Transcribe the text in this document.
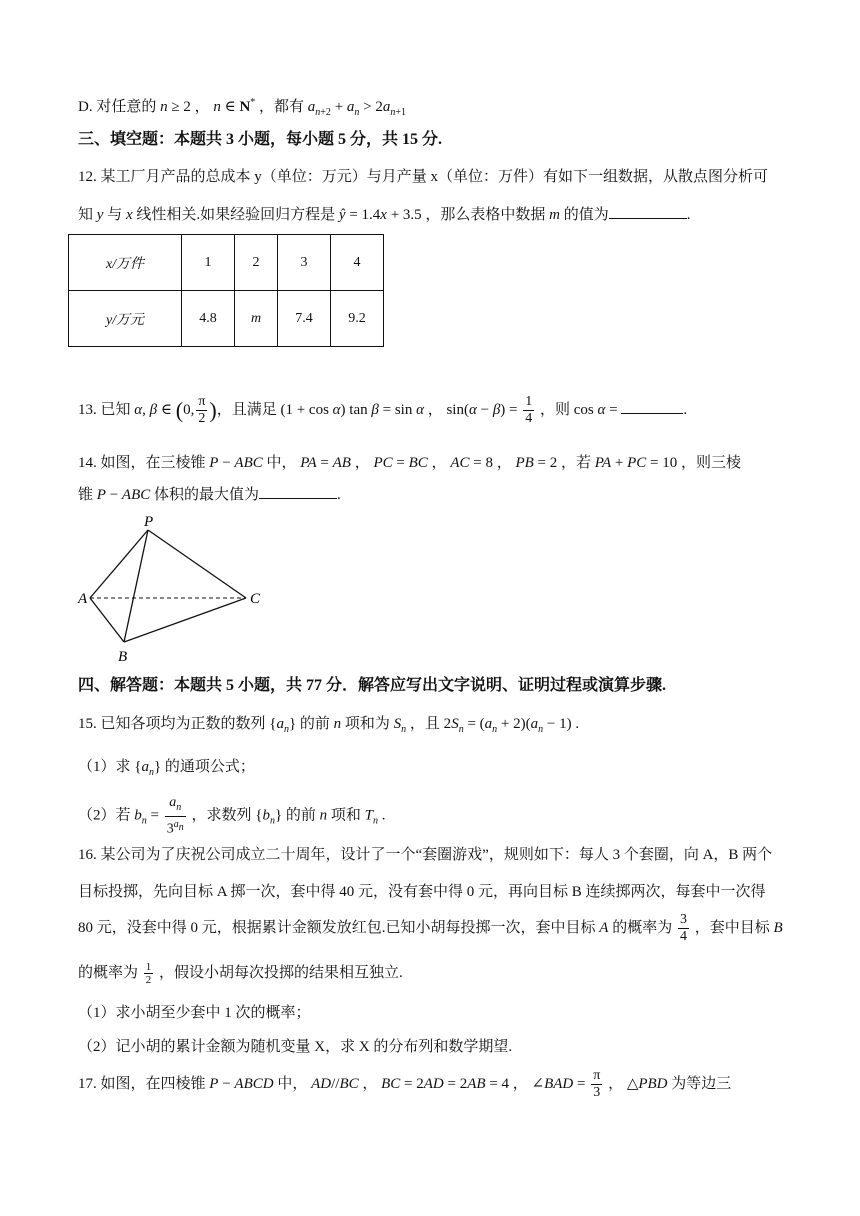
D. 对任意的 n ≥ 2 ， n ∈ N* ，都有 $a_{n+2} + a_n > 2a_{n+1}$
三、填空题：本题共 3 小题，每小题 5 分，共 15 分.
12. 某工厂月产品的总成本 y（单位：万元）与月产量 x（单位：万件）有如下一组数据，从散点图分析可
知 y 与 x 线性相关.如果经验回归方程是 ŷ = 1.4x + 3.5 ，那么表格中数据 m 的值为	.
x/万件	1	2	3	4
y/万元	4.8	m	7.4	9.2
13. 已知 α, β ∈ (0, $\frac{\pi}{2}$ )，且满足 (1 + cos α) tan β = sin α ， $\sin(\alpha - \beta) = \frac{1}{4}$ ，则 cos α =	.
14. 如图，在三棱锥 P − ABC 中， PA = AB ， PC = BC ， AC = 8 ， PB = 2 ，若 PA + PC = 10 ，则三棱
锥 P − ABC 体积的最大值为	.
P
A
B
C
四、解答题：本题共 5 小题，共 77 分．解答应写出文字说明、证明过程或演算步骤.
15. 已知各项均为正数的数列 $\{a_n\}$ 的前 n 项和为 $S_n$ ，且 $2S_n = (a_n + 2)(a_n - 1)$ .
（1）求 $\{a_n\}$ 的通项公式；
（2）若 $b_n = \frac{a_n}{3^{a_n}}$ ，求数列 $\{b_n\}$ 的前 n 项和 $T_n$ .
16. 某公司为了庆祝公司成立二十周年，设计了一个“套圈游戏”，规则如下：每人 3 个套圈，向 A，B 两个
目标投掷，先向目标 A 掷一次，套中得 40 元，没有套中得 0 元，再向目标 B 连续掷两次，每套中一次得
80 元，没套中得 0 元，根据累计金额发放红包.已知小胡每投掷一次，套中目标 A 的概率为 $\frac{3}{4}$ ，套中目标 B
的概率为 $\frac{1}{2}$ ，假设小胡每次投掷的结果相互独立.
（1）求小胡至少套中 1 次的概率；
（2）记小胡的累计金额为随机变量 X，求 X 的分布列和数学期望.
17. 如图，在四棱锥 P − ABCD 中， AD//BC ， BC = 2AD = 2AB = 4 ， ∠BAD = $\frac{\pi}{3}$ ， △PBD 为等边三
